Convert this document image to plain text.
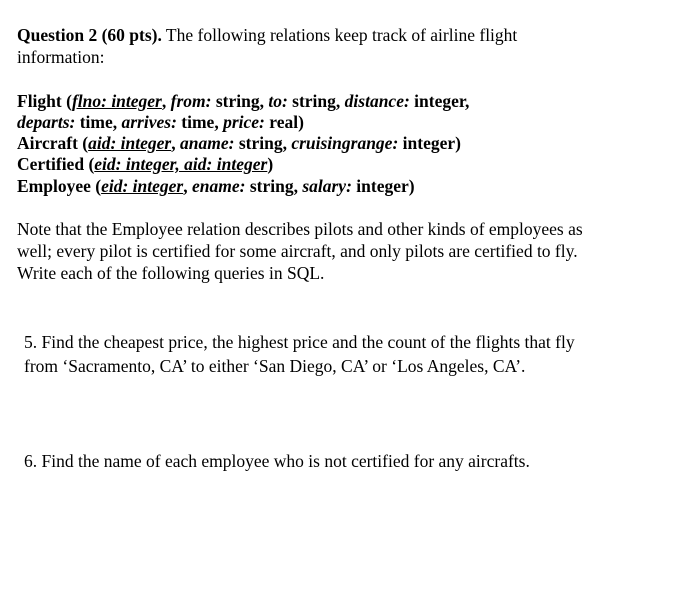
Question 2 (60 pts). The following relations keep track of airline flight
information:
Flight (flno: integer, from: string, to: string, distance: integer,
departs: time, arrives: time, price: real)
Aircraft (aid: integer, aname: string, cruisingrange: integer)
Certified (eid: integer, aid: integer)
Employee (eid: integer, ename: string, salary: integer)
Note that the Employee relation describes pilots and other kinds of employees as
well; every pilot is certified for some aircraft, and only pilots are certified to fly.
Write each of the following queries in SQL.
5. Find the cheapest price, the highest price and the count of the flights that fly
from ‘Sacramento, CA’ to either ‘San Diego, CA’ or ‘Los Angeles, CA’.
6. Find the name of each employee who is not certified for any aircrafts.
